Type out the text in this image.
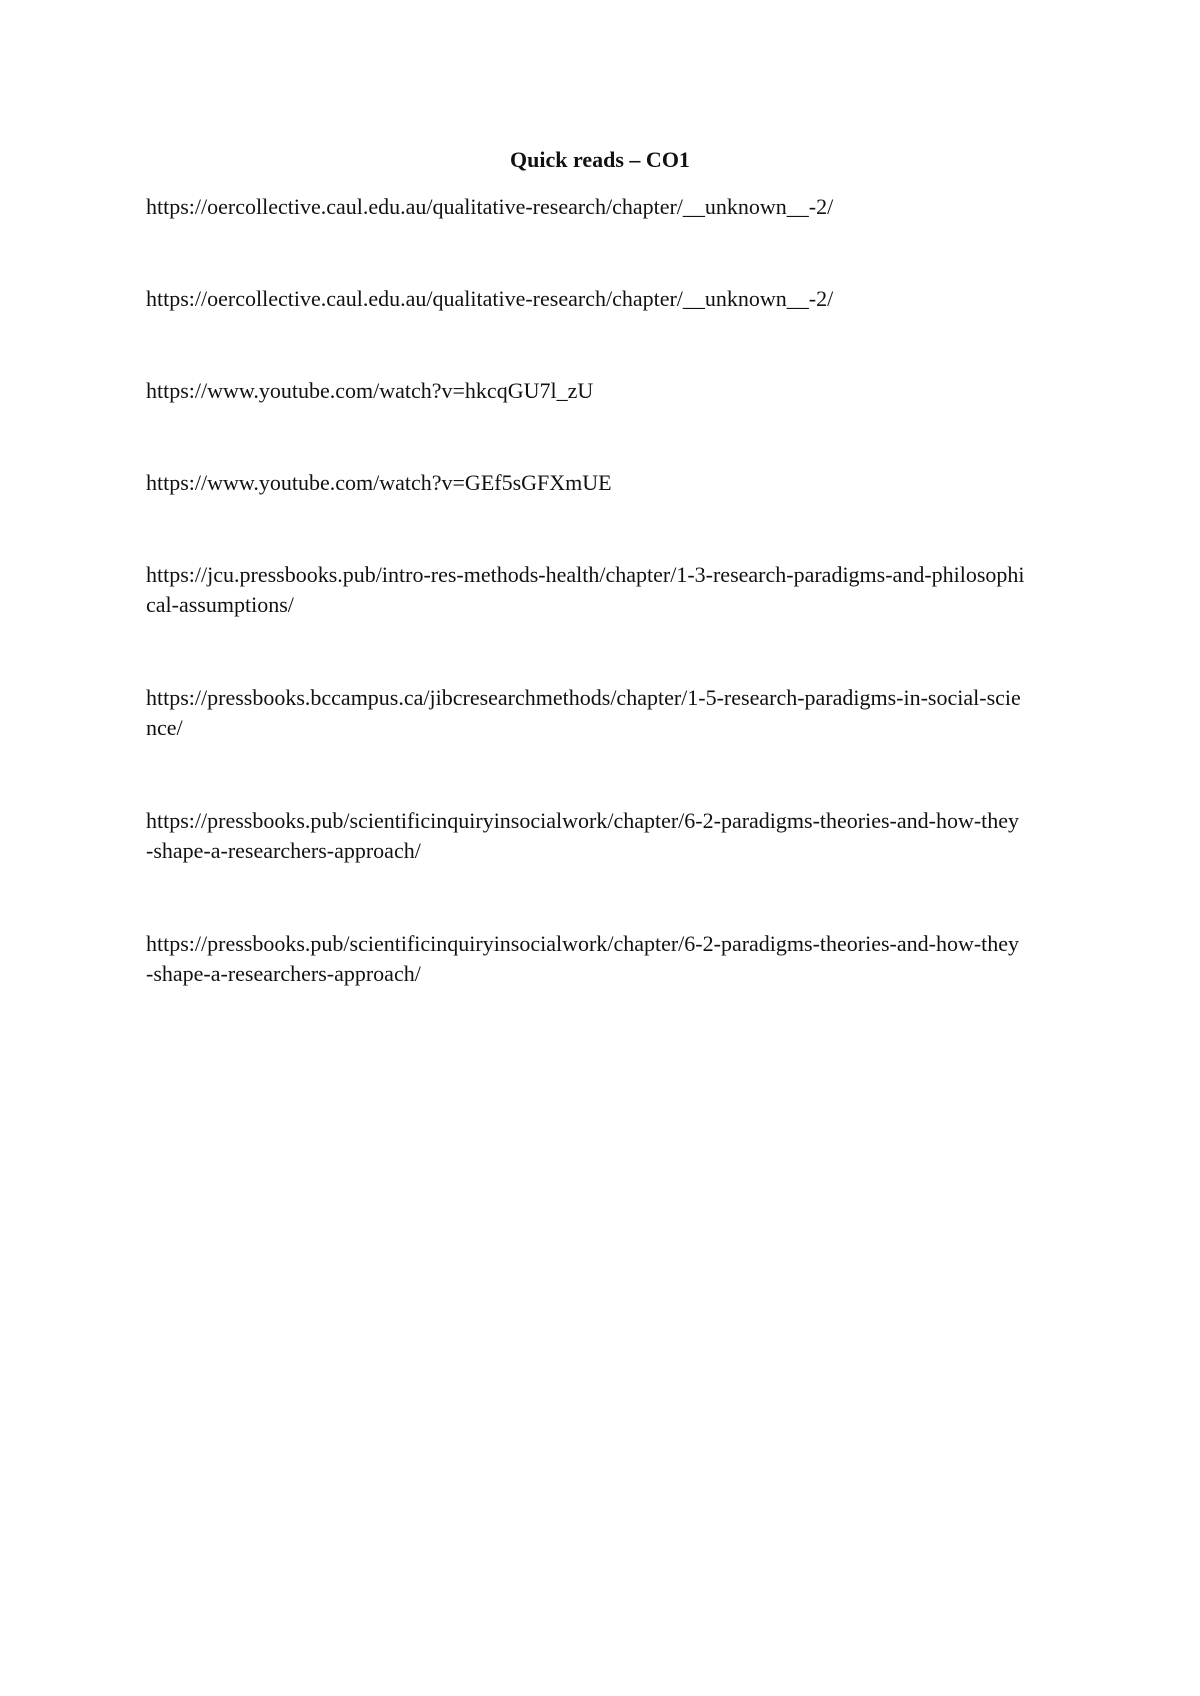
Quick reads – CO1
https://oercollective.caul.edu.au/qualitative-research/chapter/__unknown__-2/
https://oercollective.caul.edu.au/qualitative-research/chapter/__unknown__-2/
https://www.youtube.com/watch?v=hkcqGU7l_zU
https://www.youtube.com/watch?v=GEf5sGFXmUE
https://jcu.pressbooks.pub/intro-res-methods-health/chapter/1-3-research-paradigms-and-philosophical-assumptions/
https://pressbooks.bccampus.ca/jibcresearchmethods/chapter/1-5-research-paradigms-in-social-science/
https://pressbooks.pub/scientificinquiryinsocialwork/chapter/6-2-paradigms-theories-and-how-they-shape-a-researchers-approach/
https://pressbooks.pub/scientificinquiryinsocialwork/chapter/6-2-paradigms-theories-and-how-they-shape-a-researchers-approach/
